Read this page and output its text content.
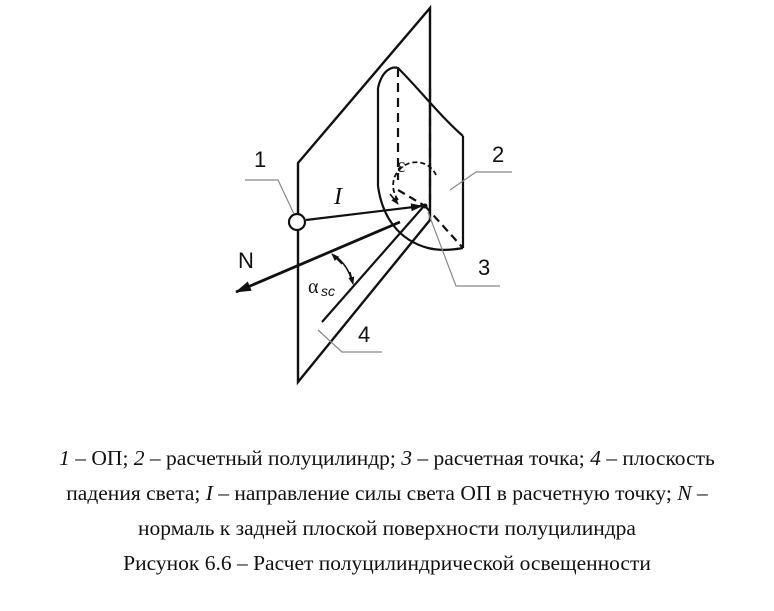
ε
I
N
α sc
1	2
3
4

1 – ОП; 2 – расчетный полуцилиндр; 3 – расчетная точка; 4 – плоскость

падения света; I – направление силы света ОП в расчетную точку; N –

нормаль к задней плоской поверхности полуцилиндра

Рисунок 6.6 – Расчет полуцилиндрической освещенности
